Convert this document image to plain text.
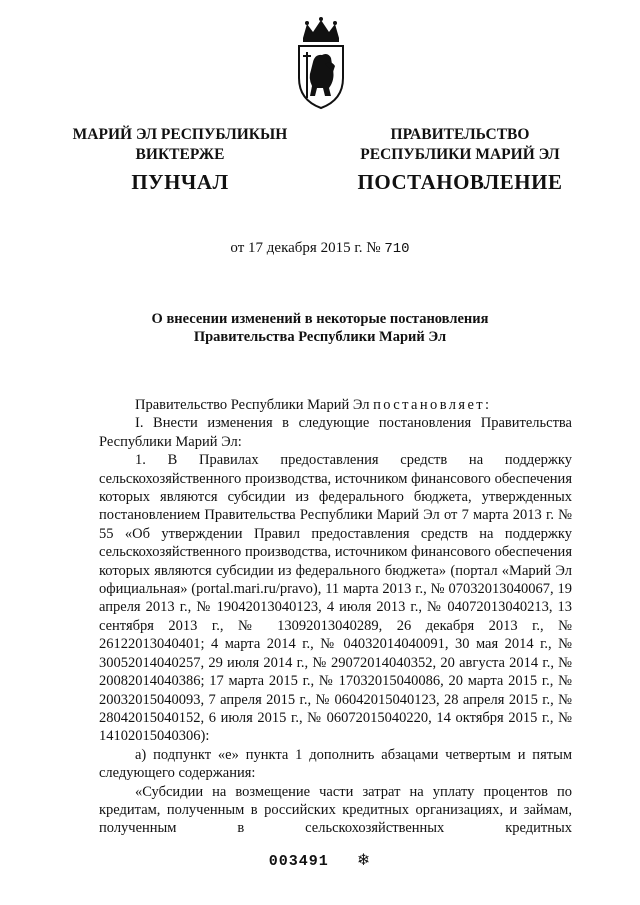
МАРИЙ ЭЛ РЕСПУБЛИКЫН
ВИКТЕРЖЕ
ПРАВИТЕЛЬСТВО
РЕСПУБЛИКИ МАРИЙ ЭЛ
ПУНЧАЛ	ПОСТАНОВЛЕНИЕ
от 17 декабря 2015 г. № 710
О внесении изменений в некоторые постановления
Правительства Республики Марий Эл

Правительство Республики Марий Эл постановляет:

I. Внести изменения в следующие постановления Правительства Республики Марий Эл:

1. В Правилах предоставления средств на поддержку сельскохозяйственного производства, источником финансового обеспечения которых являются субсидии из федерального бюджета, утвержденных постановлением Правительства Республики Марий Эл от 7 марта 2013 г. № 55 «Об утверждении Правил предоставления средств на поддержку сельскохозяйственного производства, источником финансового обеспечения которых являются субсидии из федерального бюджета» (портал «Марий Эл официальная» (portal.mari.ru/pravo), 11 марта 2013 г., № 07032013040067, 19 апреля 2013 г., № 19042013040123, 4 июля 2013 г., № 04072013040213, 13 сентября 2013 г., № 13092013040289, 26 декабря 2013 г., № 26122013040401; 4 марта 2014 г., № 04032014040091, 30 мая 2014 г., № 30052014040257, 29 июля 2014 г., № 29072014040352, 20 августа 2014 г., № 20082014040386; 17 марта 2015 г., № 17032015040086, 20 марта 2015 г., № 20032015040093, 7 апреля 2015 г., № 06042015040123, 28 апреля 2015 г., № 28042015040152, 6 июля 2015 г., № 06072015040220, 14 октября 2015 г., № 14102015040306):

а) подпункт «е» пункта 1 дополнить абзацами четвертым и пятым следующего содержания:

«Субсидии на возмещение части затрат на уплату процентов по кредитам, полученным в российских кредитных организациях, и займам, полученным в сельскохозяйственных кредитных

003491 ❄
